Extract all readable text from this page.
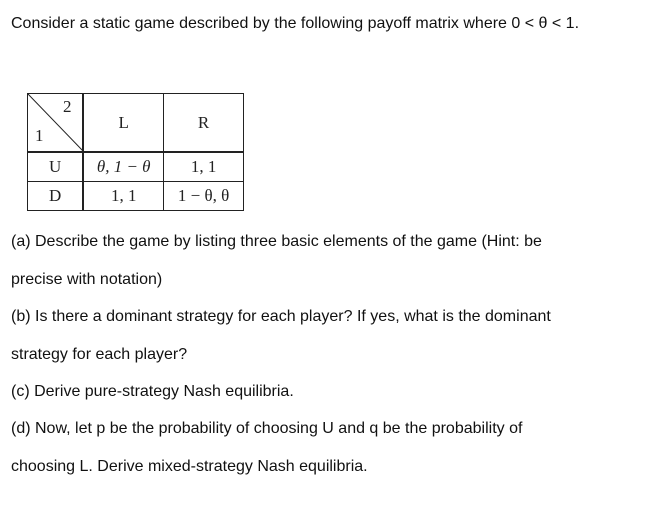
Consider a static game described by the following payoff matrix where 0 < θ < 1.
2
1	L	R
U	θ, 1 − θ	1, 1
D	1, 1	1 − θ, θ
(a) Describe the game by listing three basic elements of the game (Hint: be
precise with notation)
(b) Is there a dominant strategy for each player? If yes, what is the dominant
strategy for each player?
(c) Derive pure-strategy Nash equilibria.
(d) Now, let p be the probability of choosing U and q be the probability of
choosing L. Derive mixed-strategy Nash equilibria.
